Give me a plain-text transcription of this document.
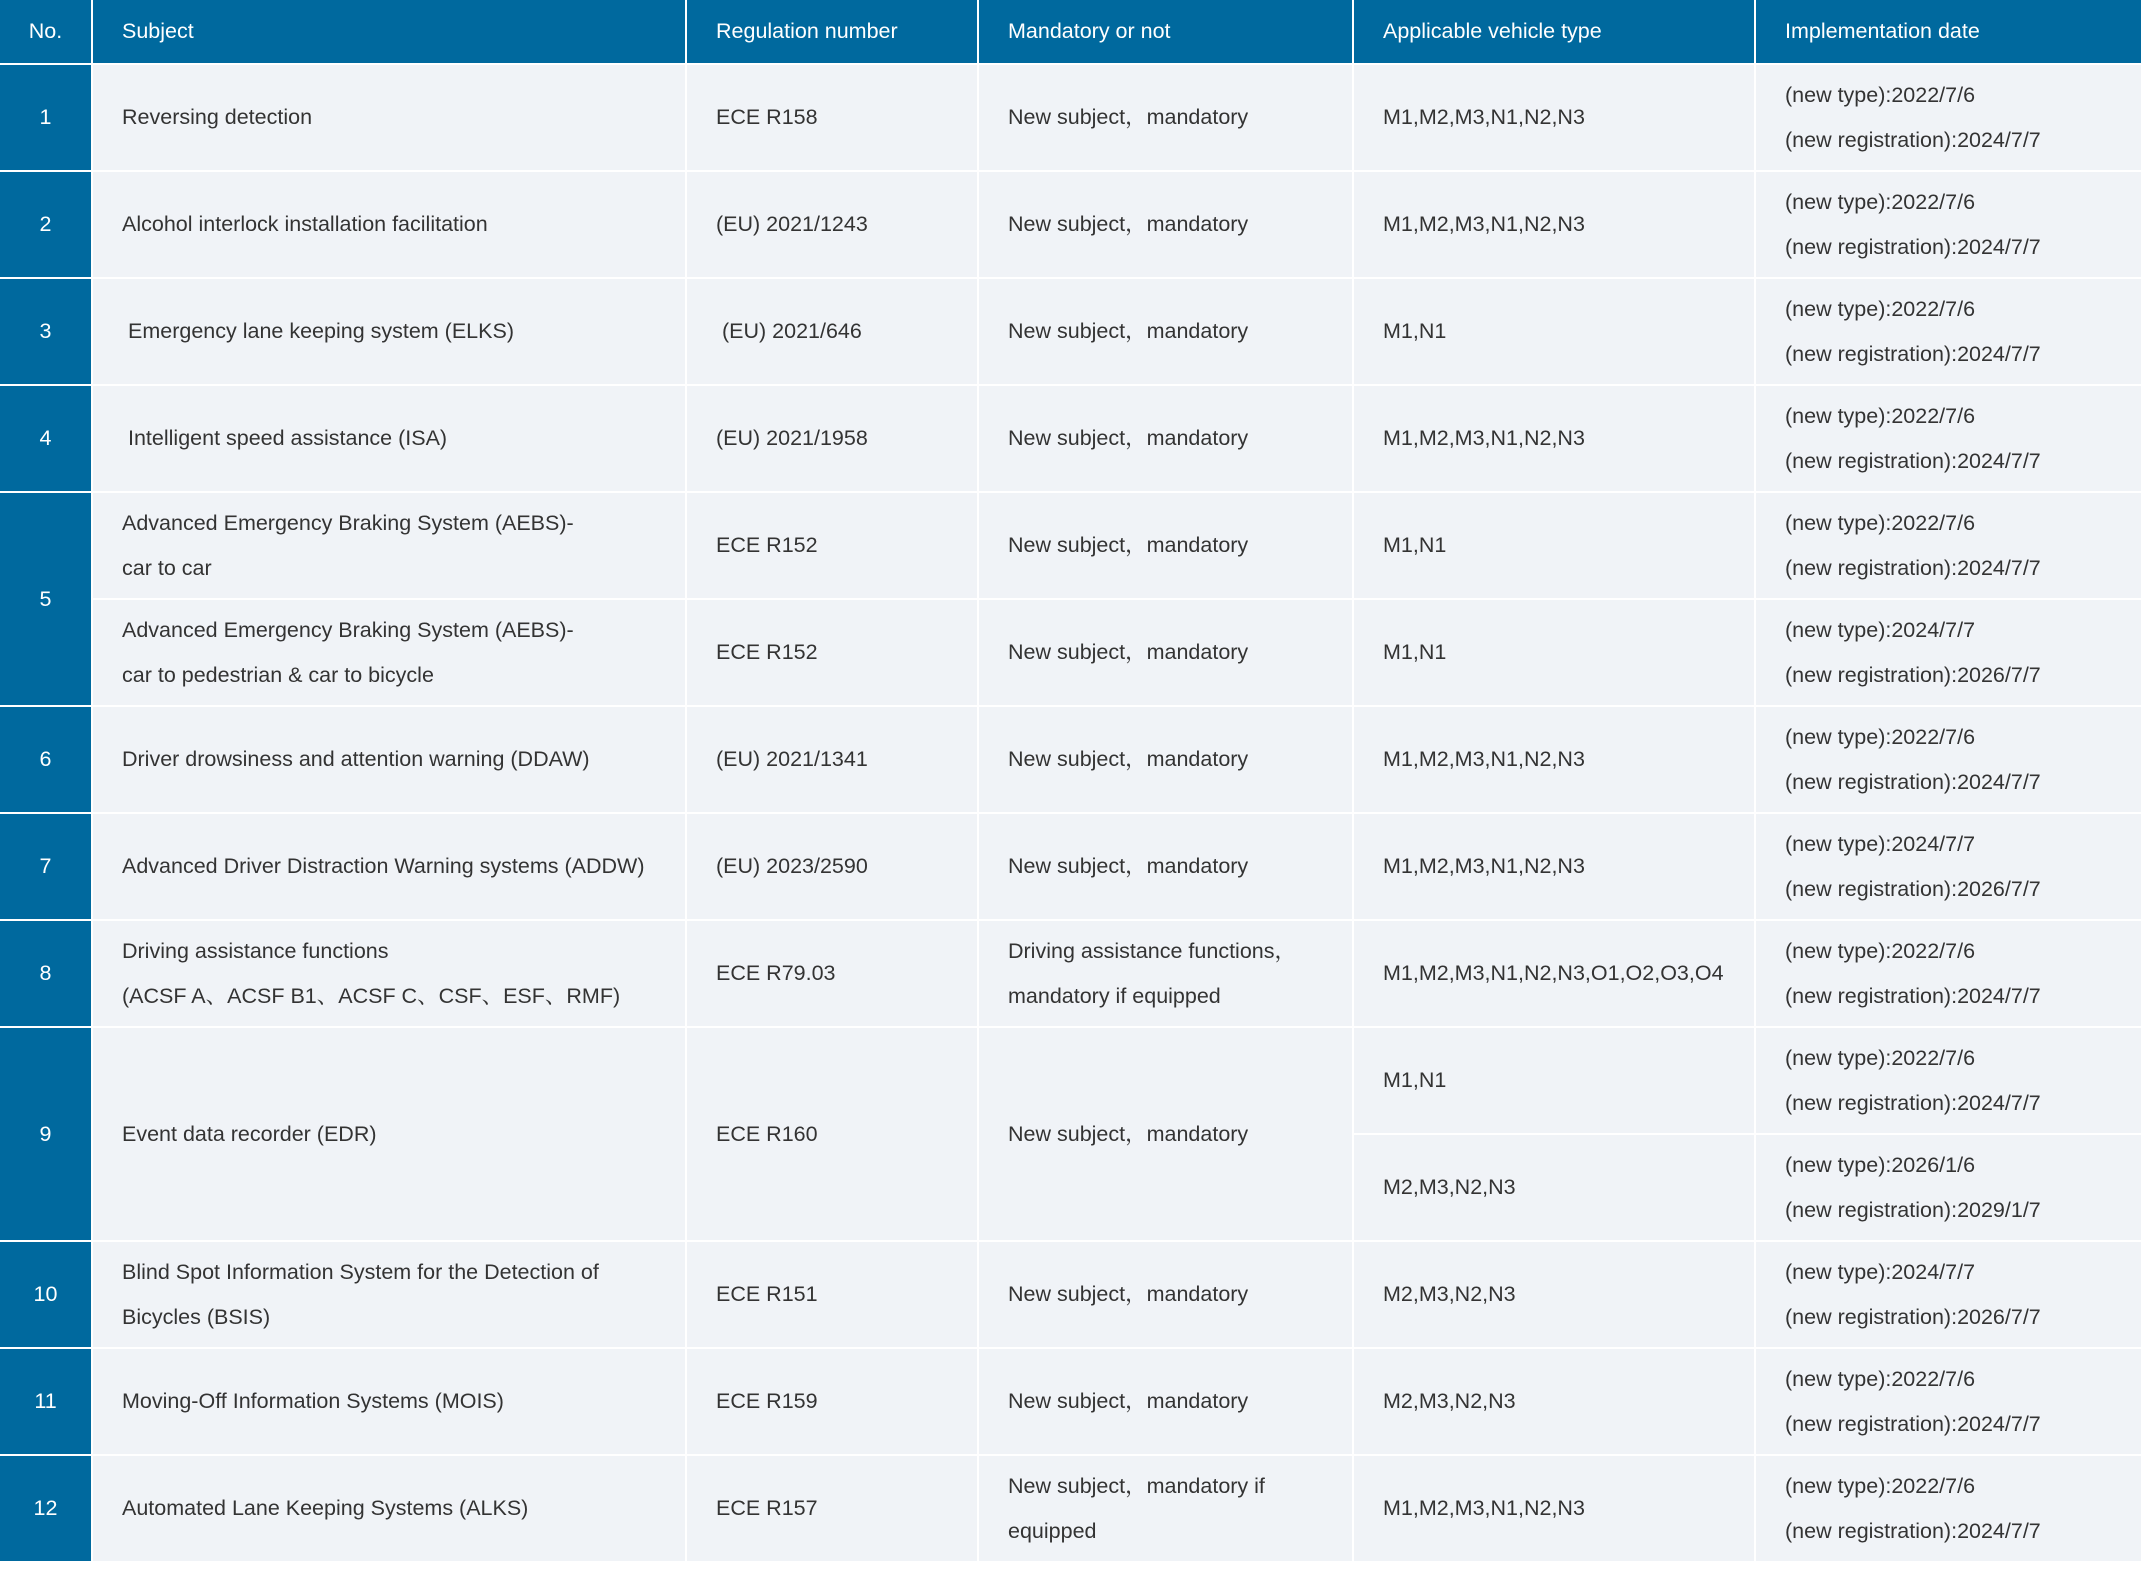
No.	Subject	Regulation number	Mandatory or not	Applicable vehicle type	Implementation date
1	Reversing detection	ECE R158	New subject，mandatory	M1,M2,M3,N1,N2,N3	(new type):2022/7/6
(new registration):2024/7/7

2	Alcohol interlock installation facilitation	(EU) 2021/1243	New subject，mandatory	M1,M2,M3,N1,N2,N3	(new type):2022/7/6
(new registration):2024/7/7

3	Emergency lane keeping system (ELKS)	(EU) 2021/646	New subject，mandatory	M1,N1	(new type):2022/7/6
(new registration):2024/7/7

4	Intelligent speed assistance (ISA)	(EU) 2021/1958	New subject，mandatory	M1,M2,M3,N1,N2,N3	(new type):2022/7/6
(new registration):2024/7/7

5	Advanced Emergency Braking System (AEBS)-
car to car	ECE R152	New subject，mandatory	M1,N1	(new type):2022/7/6
(new registration):2024/7/7

	Advanced Emergency Braking System (AEBS)-
car to pedestrian & car to bicycle	ECE R152	New subject，mandatory	M1,N1	(new type):2024/7/7
(new registration):2026/7/7

6	Driver drowsiness and attention warning (DDAW)	(EU) 2021/1341	New subject，mandatory	M1,M2,M3,N1,N2,N3	(new type):2022/7/6
(new registration):2024/7/7

7	Advanced Driver Distraction Warning systems (ADDW)	(EU) 2023/2590	New subject，mandatory	M1,M2,M3,N1,N2,N3	(new type):2024/7/7
(new registration):2026/7/7

8	Driving assistance functions
(ACSF A、ACSF B1、ACSF C、CSF、ESF、RMF)	ECE R79.03	Driving assistance functions，
mandatory if equipped	M1,M2,M3,N1,N2,N3,O1,O2,O3,O4	(new type):2022/7/6
(new registration):2024/7/7

9	Event data recorder (EDR)	ECE R160	New subject，mandatory	M1,N1	(new type):2022/7/6
(new registration):2024/7/7

				M2,M3,N2,N3	(new type):2026/1/6
(new registration):2029/1/7

10	Blind Spot Information System for the Detection of
Bicycles (BSIS)	ECE R151	New subject，mandatory	M2,M3,N2,N3	(new type):2024/7/7
(new registration):2026/7/7

11	Moving-Off Information Systems (MOIS)	ECE R159	New subject，mandatory	M2,M3,N2,N3	(new type):2022/7/6
(new registration):2024/7/7

12	Automated Lane Keeping Systems (ALKS)	ECE R157	New subject，mandatory if
equipped	M1,M2,M3,N1,N2,N3	(new type):2022/7/6
(new registration):2024/7/7
